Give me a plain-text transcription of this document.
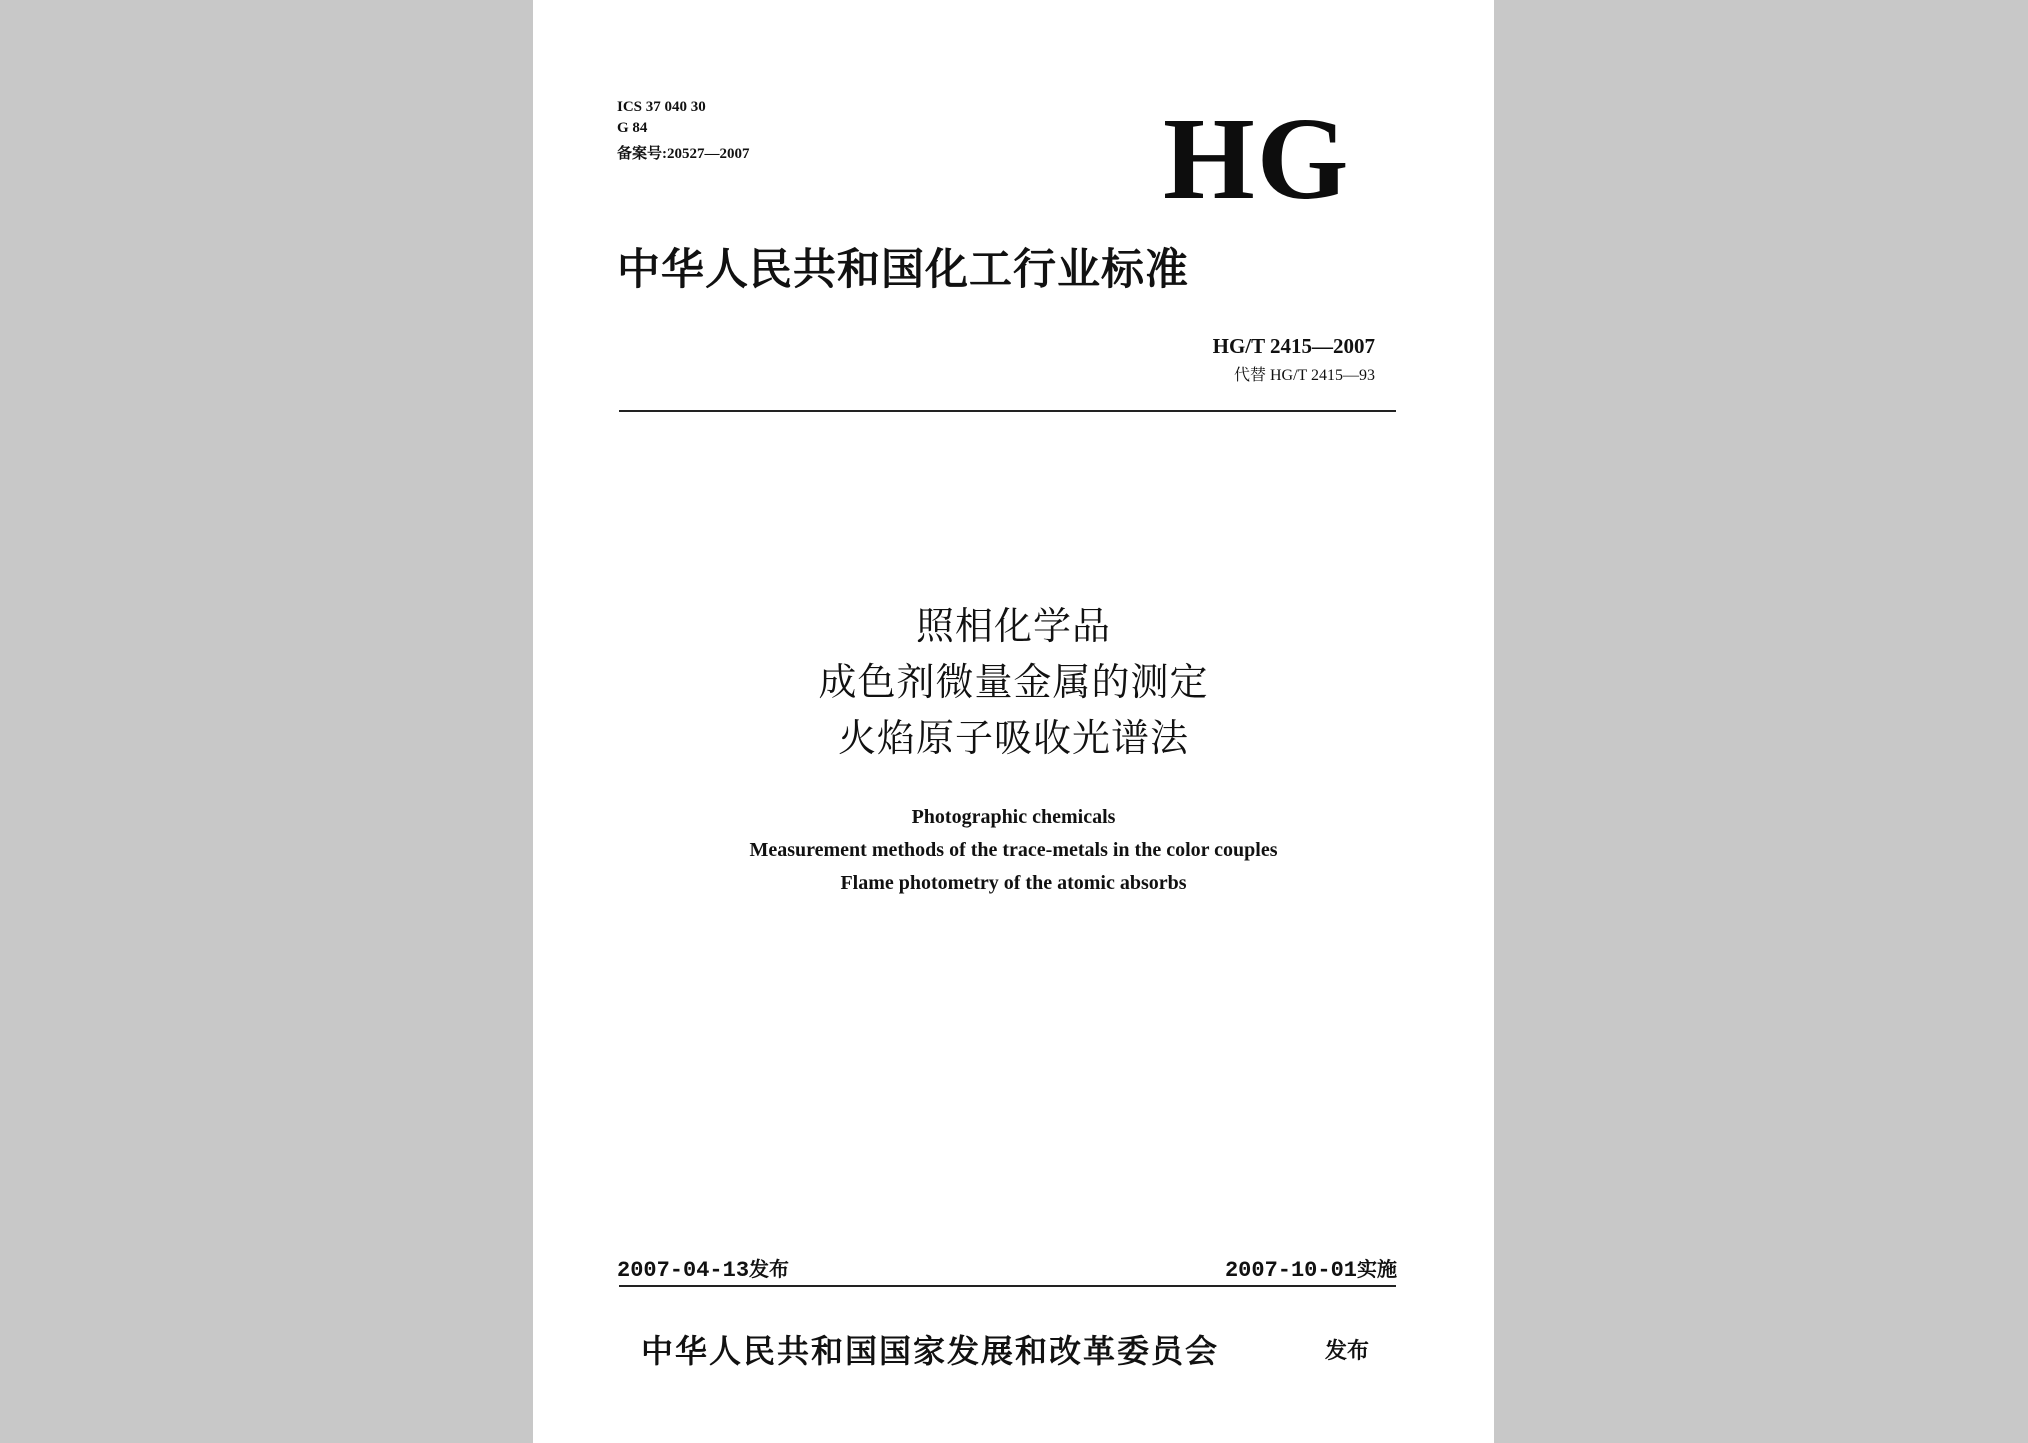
ICS 37 040 30
G 84
备案号:20527—2007	HG
中华人民共和国化工行业标准
HG/T 2415—2007
代替 HG/T 2415—93
照相化学品
成色剂微量金属的测定
火焰原子吸收光谱法
Photographic chemicals
Measurement methods of the trace-metals in the color couples
Flame photometry of the atomic absorbs
2007-04-13发布	2007-10-01实施
中华人民共和国国家发展和改革委员会	发布
